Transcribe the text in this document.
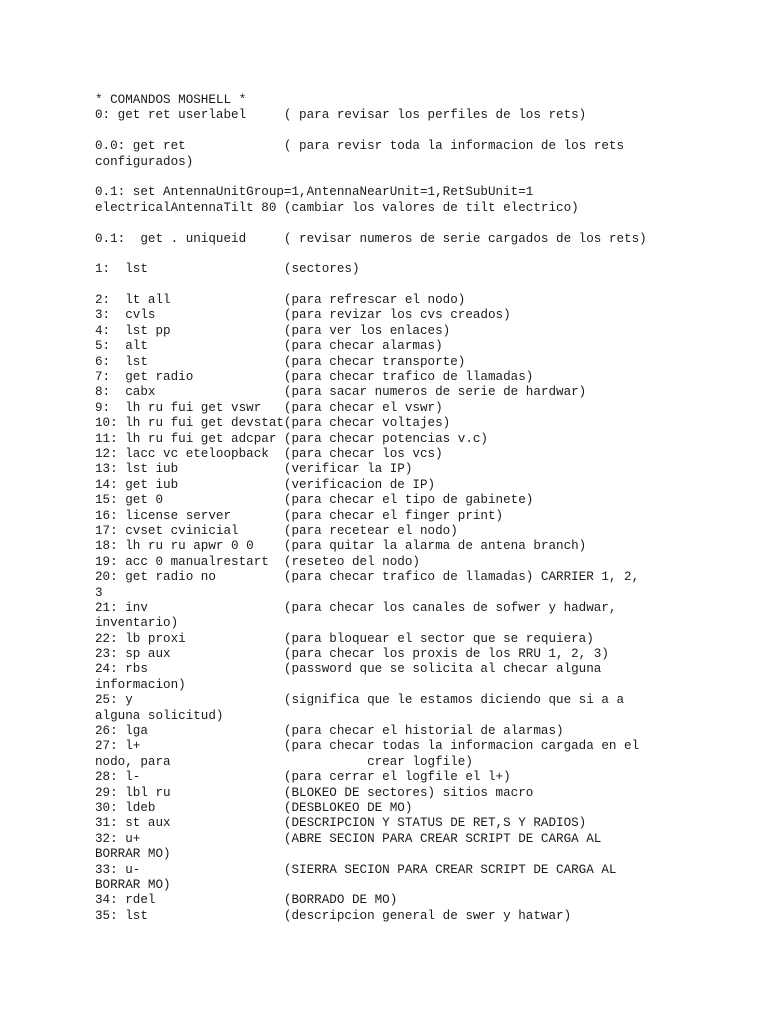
* COMANDOS MOSHELL *
0: get ret userlabel     ( para revisar los perfiles de los rets)
0.0: get ret             ( para revisr toda la informacion de los rets
configurados)
0.1: set AntennaUnitGroup=1,AntennaNearUnit=1,RetSubUnit=1
electricalAntennaTilt 80 (cambiar los valores de tilt electrico)
0.1:  get . uniqueid     ( revisar numeros de serie cargados de los rets)
1:  lst                  (sectores)
2:  lt all               (para refrescar el nodo)
3:  cvls                 (para revizar los cvs creados)
4:  lst pp               (para ver los enlaces)
5:  alt                  (para checar alarmas)
6:  lst                  (para checar transporte)
7:  get radio            (para checar trafico de llamadas)
8:  cabx                 (para sacar numeros de serie de hardwar)
9:  lh ru fui get vswr   (para checar el vswr)
10: lh ru fui get devstat(para checar voltajes)
11: lh ru fui get adcpar (para checar potencias v.c)
12: lacc vc eteloopback  (para checar los vcs)
13: lst iub              (verificar la IP)
14: get iub              (verificacion de IP)
15: get 0                (para checar el tipo de gabinete)
16: license server       (para checar el finger print)
17: cvset cvinicial      (para recetear el nodo)
18: lh ru ru apwr 0 0    (para quitar la alarma de antena branch)
19: acc 0 manualrestart  (reseteo del nodo)
20: get radio no         (para checar trafico de llamadas) CARRIER 1, 2,
3
21: inv                  (para checar los canales de sofwer y hadwar,
inventario)
22: lb proxi             (para bloquear el sector que se requiera)
23: sp aux               (para checar los proxis de los RRU 1, 2, 3)
24: rbs                  (password que se solicita al checar alguna
informacion)
25: y                    (significa que le estamos diciendo que si a a
alguna solicitud)
26: lga                  (para checar el historial de alarmas)
27: l+                   (para checar todas la informacion cargada en el
nodo, para                          crear logfile)
28: l-                   (para cerrar el logfile el l+)
29: lbl ru               (BLOKEO DE sectores) sitios macro
30: ldeb                 (DESBLOKEO DE MO)
31: st aux               (DESCRIPCION Y STATUS DE RET,S Y RADIOS)
32: u+                   (ABRE SECION PARA CREAR SCRIPT DE CARGA AL
BORRAR MO)
33: u-                   (SIERRA SECION PARA CREAR SCRIPT DE CARGA AL
BORRAR MO)
34: rdel                 (BORRADO DE MO)
35: lst                  (descripcion general de swer y hatwar)
